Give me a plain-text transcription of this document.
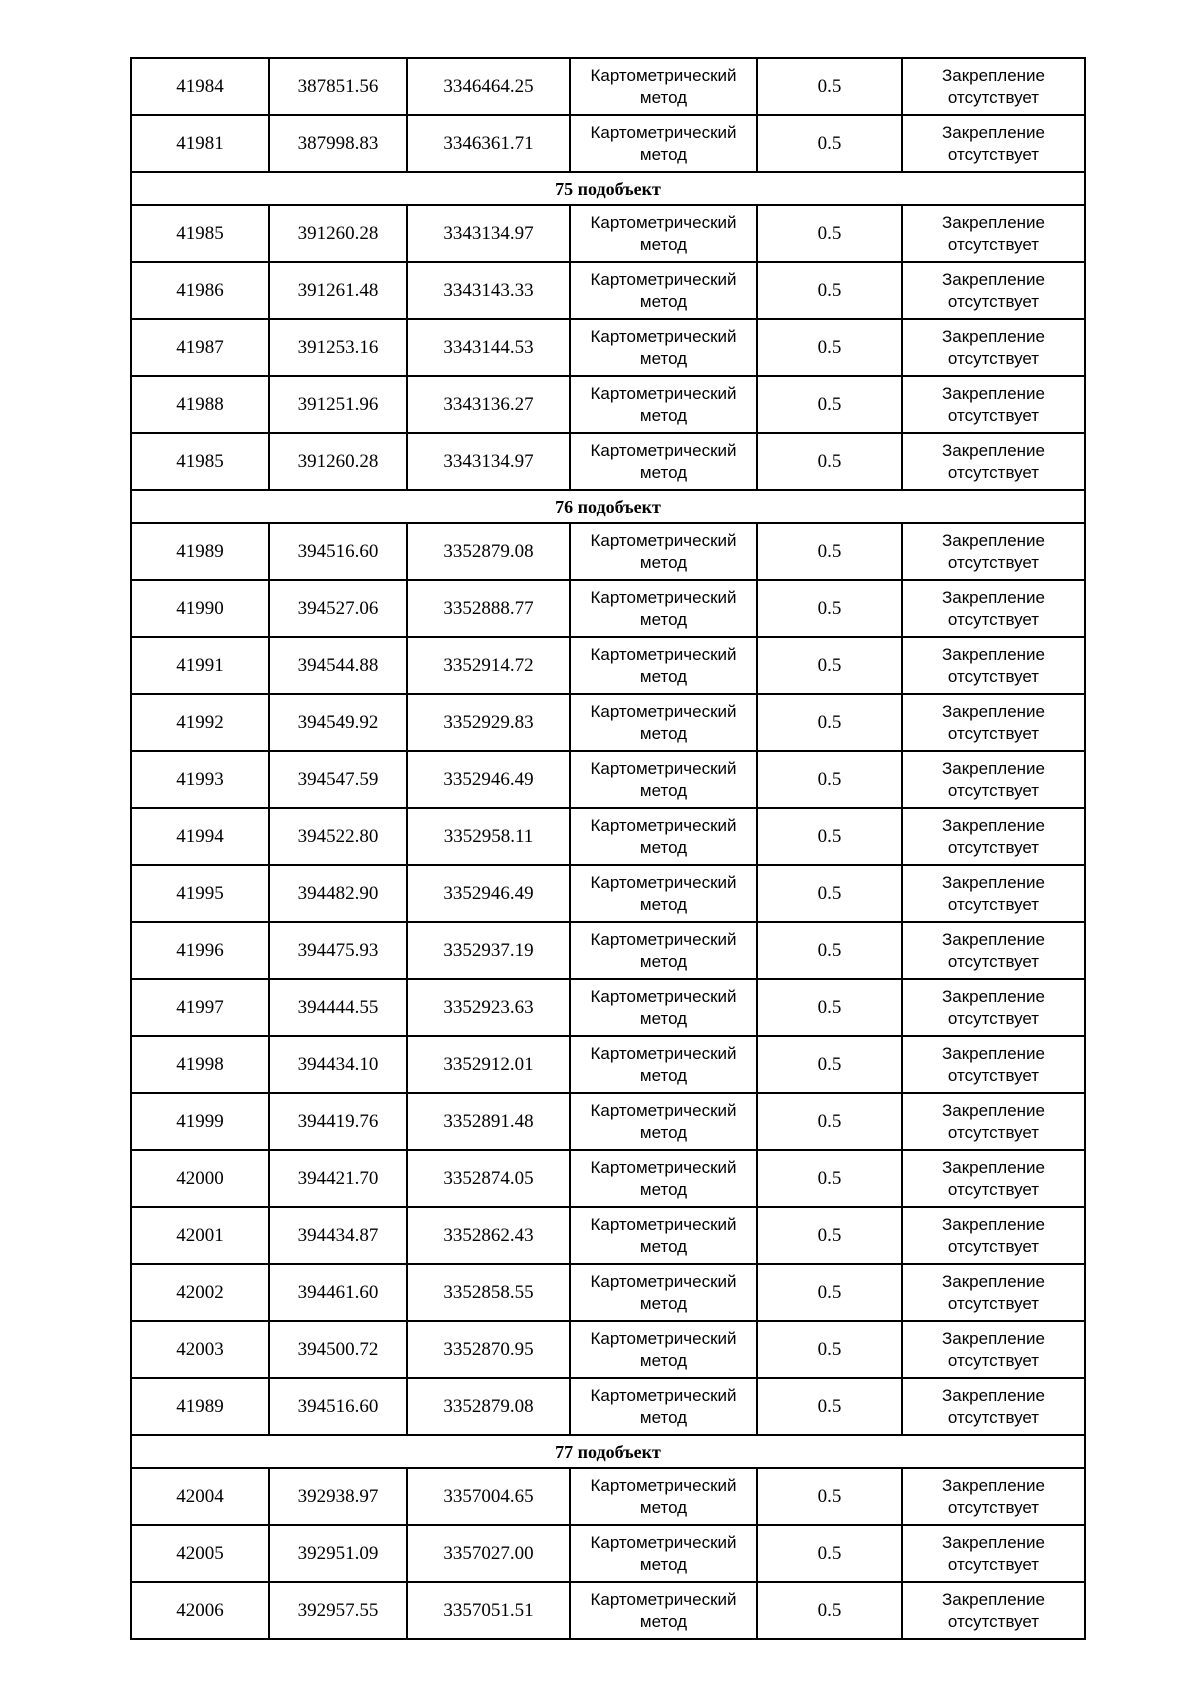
41984	387851.56	3346464.25	Картометрический метод	0.5	Закрепление отсутствует
41981	387998.83	3346361.71	Картометрический метод	0.5	Закрепление отсутствует
75 подобъект					
41985	391260.28	3343134.97	Картометрический метод	0.5	Закрепление отсутствует
41986	391261.48	3343143.33	Картометрический метод	0.5	Закрепление отсутствует
41987	391253.16	3343144.53	Картометрический метод	0.5	Закрепление отсутствует
41988	391251.96	3343136.27	Картометрический метод	0.5	Закрепление отсутствует
41985	391260.28	3343134.97	Картометрический метод	0.5	Закрепление отсутствует
76 подобъект					
41989	394516.60	3352879.08	Картометрический метод	0.5	Закрепление отсутствует
41990	394527.06	3352888.77	Картометрический метод	0.5	Закрепление отсутствует
41991	394544.88	3352914.72	Картометрический метод	0.5	Закрепление отсутствует
41992	394549.92	3352929.83	Картометрический метод	0.5	Закрепление отсутствует
41993	394547.59	3352946.49	Картометрический метод	0.5	Закрепление отсутствует
41994	394522.80	3352958.11	Картометрический метод	0.5	Закрепление отсутствует
41995	394482.90	3352946.49	Картометрический метод	0.5	Закрепление отсутствует
41996	394475.93	3352937.19	Картометрический метод	0.5	Закрепление отсутствует
41997	394444.55	3352923.63	Картометрический метод	0.5	Закрепление отсутствует
41998	394434.10	3352912.01	Картометрический метод	0.5	Закрепление отсутствует
41999	394419.76	3352891.48	Картометрический метод	0.5	Закрепление отсутствует
42000	394421.70	3352874.05	Картометрический метод	0.5	Закрепление отсутствует
42001	394434.87	3352862.43	Картометрический метод	0.5	Закрепление отсутствует
42002	394461.60	3352858.55	Картометрический метод	0.5	Закрепление отсутствует
42003	394500.72	3352870.95	Картометрический метод	0.5	Закрепление отсутствует
41989	394516.60	3352879.08	Картометрический метод	0.5	Закрепление отсутствует
77 подобъект					
42004	392938.97	3357004.65	Картометрический метод	0.5	Закрепление отсутствует
42005	392951.09	3357027.00	Картометрический метод	0.5	Закрепление отсутствует
42006	392957.55	3357051.51	Картометрический метод	0.5	Закрепление отсутствует
